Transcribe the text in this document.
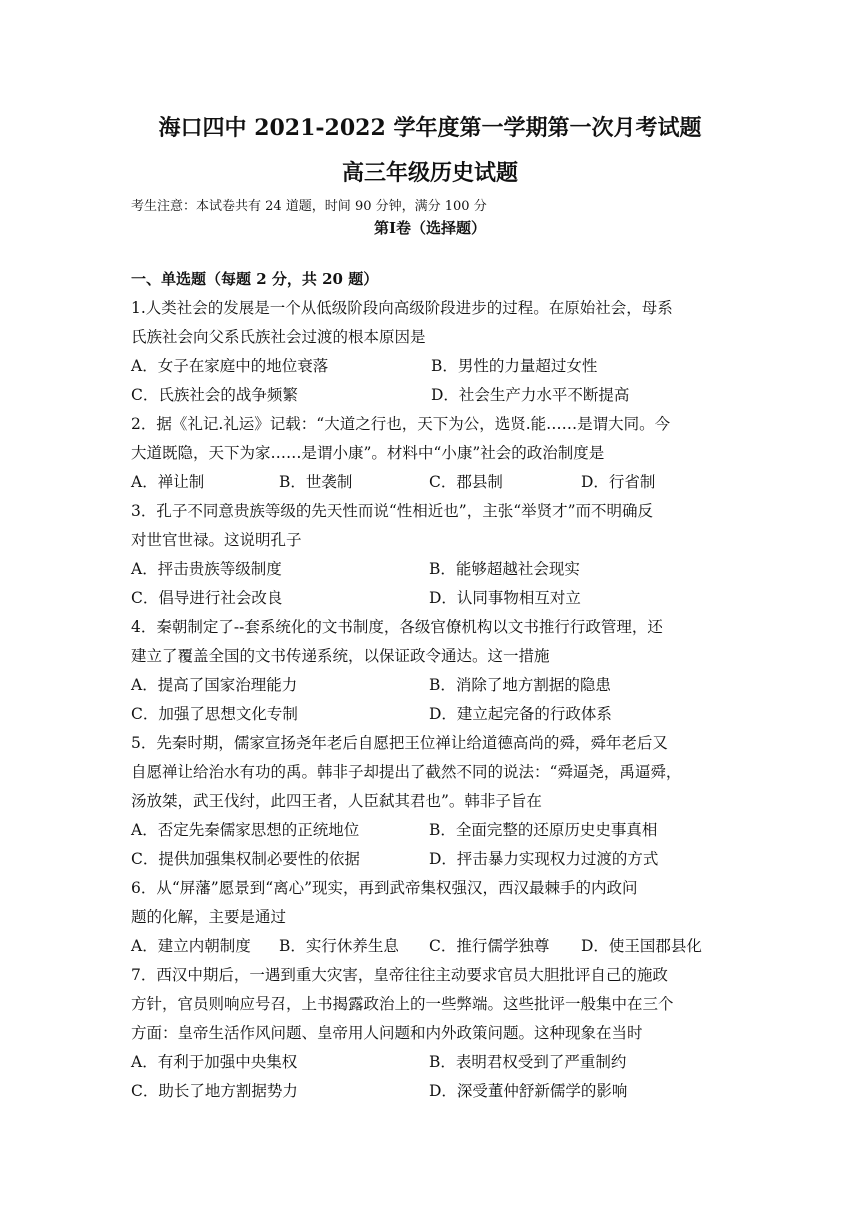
海口四中 2021-2022 学年度第一学期第一次月考试题
高三年级历史试题
考生注意：本试卷共有 24 道题，时间 90 分钟，满分 100 分
第Ⅰ卷（选择题）
一、单选题（每题 2 分，共 20 题）
1.人类社会的发展是一个从低级阶段向高级阶段进步的过程。在原始社会，母系
氏族社会向父系氏族社会过渡的根本原因是
A．女子在家庭中的地位衰落	B．男性的力量超过女性
C．氏族社会的战争频繁	D．社会生产力水平不断提高
2．据《礼记.礼运》记载：“大道之行也，天下为公，选贤.能……是谓大同。今
大道既隐，天下为家……是谓小康”。材料中“小康”社会的政治制度是
A．禅让制	B．世袭制	C．郡县制	D．行省制
3．孔子不同意贵族等级的先天性而说“性相近也”，主张“举贤才”而不明确反
对世官世禄。这说明孔子
A．抨击贵族等级制度	B．能够超越社会现实
C．倡导进行社会改良	D．认同事物相互对立
4．秦朝制定了--套系统化的文书制度，各级官僚机构以文书推行行政管理，还
建立了覆盖全国的文书传递系统，以保证政令通达。这一措施
A．提高了国家治理能力	B．消除了地方割据的隐患
C．加强了思想文化专制	D．建立起完备的行政体系
5．先秦时期，儒家宣扬尧年老后自愿把王位禅让给道德高尚的舜，舜年老后又
自愿禅让给治水有功的禹。韩非子却提出了截然不同的说法：“舜逼尧，禹逼舜，
汤放桀，武王伐纣，此四王者，人臣弑其君也”。韩非子旨在
A．否定先秦儒家思想的正统地位	B．全面完整的还原历史史事真相
C．提供加强集权制必要性的依据	D．抨击暴力实现权力过渡的方式
6．从“屏藩”愿景到“离心”现实，再到武帝集权强汉，西汉最棘手的内政问
题的化解，主要是通过
A．建立内朝制度 B．实行休养生息 C．推行儒学独尊 D．使王国郡县化
7．西汉中期后，一遇到重大灾害，皇帝往往主动要求官员大胆批评自己的施政
方针，官员则响应号召，上书揭露政治上的一些弊端。这些批评一般集中在三个
方面：皇帝生活作风问题、皇帝用人问题和内外政策问题。这种现象在当时
A．有利于加强中央集权	B．表明君权受到了严重制约
C．助长了地方割据势力	D．深受董仲舒新儒学的影响
